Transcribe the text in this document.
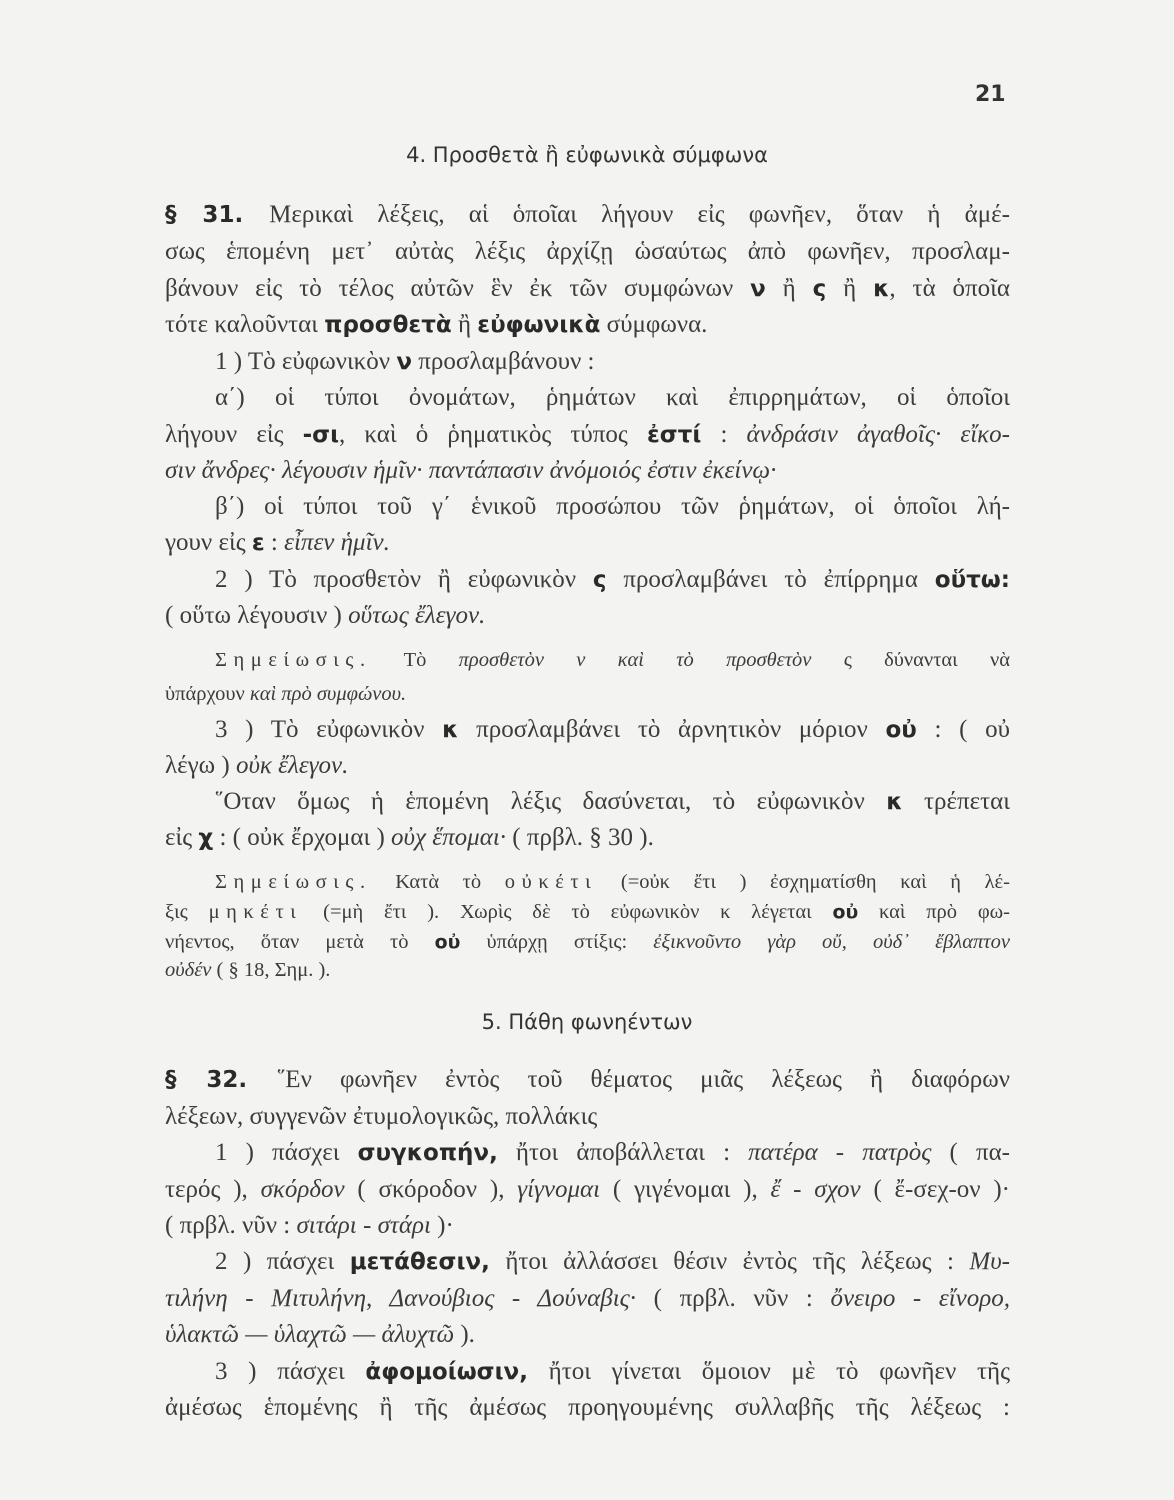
21
4. Προσθετὰ ἢ εὐφωνικὰ σύμφωνα
5. Πάθη φωνηέντων
§ 31. Μερικαὶ λέξεις, αἱ ὁποῖαι λήγουν εἰς φωνῆεν, ὅταν ἡ ἀμέ-
σως ἑπομένη μετ᾽ αὐτὰς λέξις ἀρχίζῃ ὡσαύτως ἀπὸ φωνῆεν, προσλαμ-
βάνουν εἰς τὸ τέλος αὐτῶν ἓν ἐκ τῶν συμφώνων ν ἢ ς ἢ κ, τὰ ὁποῖα
τότε καλοῦνται προσθετὰ ἢ εὐφωνικὰ σύμφωνα.
1 ) Τὸ εὐφωνικὸν ν προσλαμβάνουν :
α΄) οἱ τύποι ὀνομάτων, ῥημάτων καὶ ἐπιρρημάτων, οἱ ὁποῖοι
λήγουν εἰς -σι, καὶ ὁ ῥηματικὸς τύπος ἐστί : ἀνδράσιν ἀγαθοῖς· εἴκο-
σιν ἄνδρες· λέγουσιν ἡμῖν· παντάπασιν ἀνόμοιός ἐστιν ἐκείνῳ·
β΄) οἱ τύποι τοῦ γ΄ ἑνικοῦ προσώπου τῶν ῥημάτων, οἱ ὁποῖοι λή-
γουν εἰς ε : εἶπεν ἡμῖν.
2 ) Τὸ προσθετὸν ἢ εὐφωνικὸν ς προσλαμβάνει τὸ ἐπίρρημα οὕτω:
( οὕτω λέγουσιν ) οὕτως ἔλεγον.
Σημείωσις. Τὸ προσθετὸν ν καὶ τὸ προσθετὸν ς δύνανται νὰ
ὑπάρχουν καὶ πρὸ συμφώνου.
3 ) Τὸ εὐφωνικὸν κ προσλαμβάνει τὸ ἀρνητικὸν μόριον οὐ : ( οὐ
λέγω ) οὐκ ἔλεγον.
῞Οταν ὅμως ἡ ἑπομένη λέξις δασύνεται, τὸ εὐφωνικὸν κ τρέπεται
εἰς χ : ( οὐκ ἔρχομαι ) οὐχ ἕπομαι· ( πρβλ. § 30 ).
Σημείωσις. Κατὰ τὸ οὐκέτι (=οὐκ ἔτι ) ἐσχηματίσθη καὶ ἡ λέ-
ξις μηκέτι (=μὴ ἔτι ). Χωρὶς δὲ τὸ εὐφωνικὸν κ λέγεται οὐ καὶ πρὸ φω-
νήεντος, ὅταν μετὰ τὸ οὐ ὑπάρχῃ στίξις: ἐξικνοῦντο γὰρ οὔ, οὐδ᾽ ἔβλαπτον
οὐδέν ( § 18, Σημ. ).
§ 32. ῞Εν φωνῆεν ἐντὸς τοῦ θέματος μιᾶς λέξεως ἢ διαφόρων
λέξεων, συγγενῶν ἐτυμολογικῶς, πολλάκις
1 ) πάσχει συγκοπήν, ἤτοι ἀποβάλλεται : πατέρα - πατρὸς ( πα-
τερός ), σκόρδον ( σκόροδον ), γίγνομαι ( γιγένομαι ), ἔ - σχον ( ἔ-σεχ-ον )·
( πρβλ. νῦν : σιτάρι - στάρι )·
2 ) πάσχει μετάθεσιν, ἤτοι ἀλλάσσει θέσιν ἐντὸς τῆς λέξεως : Μυ-
τιλήνη - Μιτυλήνη, Δανούβιος - Δούναβις· ( πρβλ. νῦν : ὄνειρο - εἴνορο,
ὑλακτῶ — ὑλαχτῶ — ἀλυχτῶ ).
3 ) πάσχει ἀφομοίωσιν, ἤτοι γίνεται ὅμοιον μὲ τὸ φωνῆεν τῆς
ἀμέσως ἑπομένης ἢ τῆς ἀμέσως προηγουμένης συλλαβῆς τῆς λέξεως :
